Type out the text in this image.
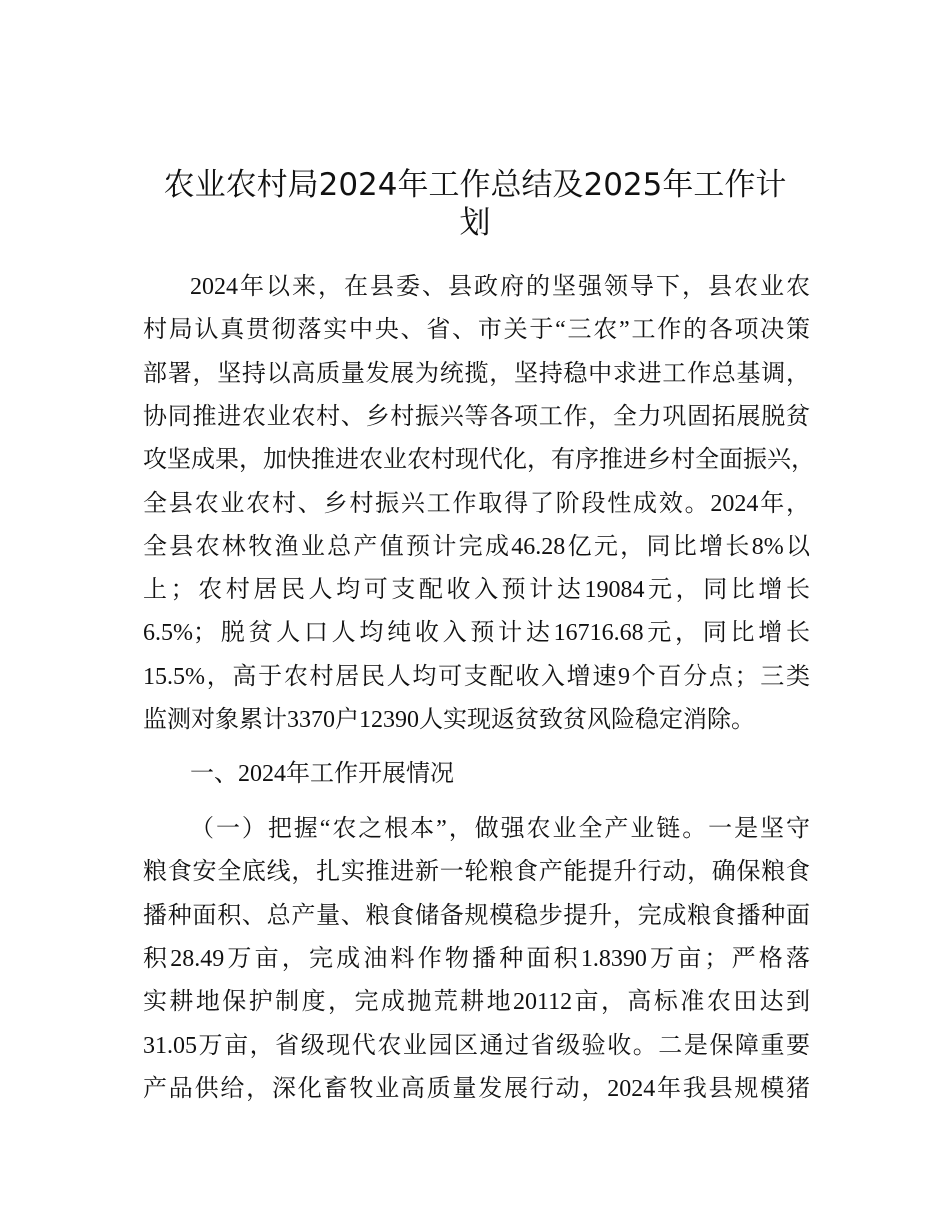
农业农村局2024年工作总结及2025年工作计
划
2024年以来，在县委、县政府的坚强领导下，县农业农
村局认真贯彻落实中央、省、市关于“三农”工作的各项决策
部署，坚持以高质量发展为统揽，坚持稳中求进工作总基调，
协同推进农业农村、乡村振兴等各项工作，全力巩固拓展脱贫
攻坚成果，加快推进农业农村现代化，有序推进乡村全面振兴，
全县农业农村、乡村振兴工作取得了阶段性成效。2024年，
全县农林牧渔业总产值预计完成46.28亿元，同比增长8%以
上；农村居民人均可支配收入预计达19084元，同比增长
6.5%；脱贫人口人均纯收入预计达16716.68元，同比增长
15.5%，高于农村居民人均可支配收入增速9个百分点；三类
监测对象累计3370户12390人实现返贫致贫风险稳定消除。
一、2024年工作开展情况
（一）把握“农之根本”，做强农业全产业链。一是坚守
粮食安全底线，扎实推进新一轮粮食产能提升行动，确保粮食
播种面积、总产量、粮食储备规模稳步提升，完成粮食播种面
积28.49万亩，完成油料作物播种面积1.8390万亩；严格落
实耕地保护制度，完成抛荒耕地20112亩，高标准农田达到
31.05万亩，省级现代农业园区通过省级验收。二是保障重要
产品供给，深化畜牧业高质量发展行动，2024年我县规模猪
